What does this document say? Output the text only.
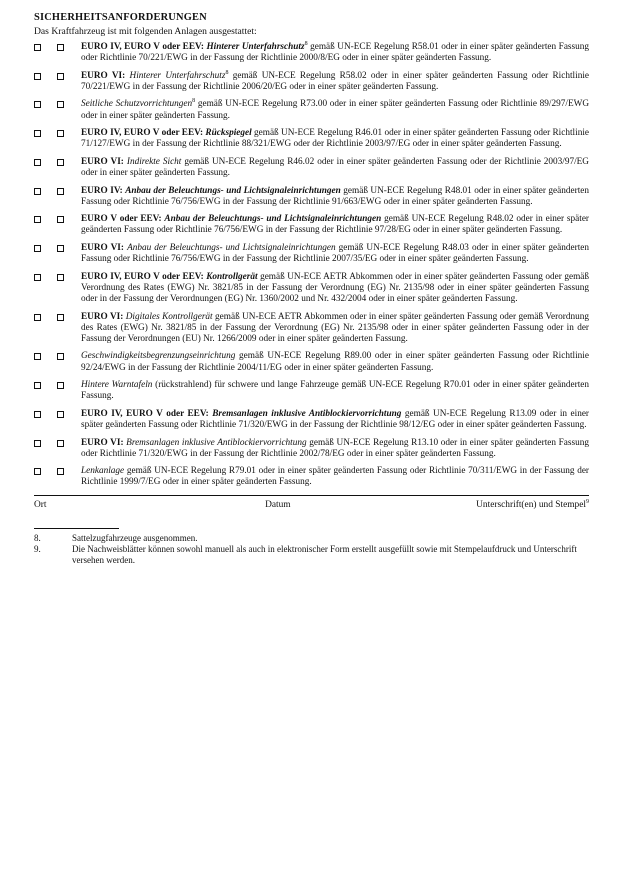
SICHERHEITSANFORDERUNGEN
Das Kraftfahrzeug ist mit folgenden Anlagen ausgestattet:
EURO IV, EURO V oder EEV: Hinterer Unterfahrschutz$^8$ gemäß UN-ECE Regelung R58.01 oder in einer später geänderten Fassung oder Richtlinie 70/221/EWG in der Fassung der Richtlinie 2000/8/EG oder in einer später geänderten Fassung.
EURO VI: Hinterer Unterfahrschutz$^8$ gemäß UN-ECE Regelung R58.02 oder in einer später geänderten Fassung oder Richtlinie 70/221/EWG in der Fassung der Richtlinie 2006/20/EG oder in einer später geänderten Fassung.
Seitliche Schutzvorrichtungen$^8$ gemäß UN-ECE Regelung R73.00 oder in einer später geänderten Fassung oder Richtlinie 89/297/EWG oder in einer später geänderten Fassung.
EURO IV, EURO V oder EEV: Rückspiegel gemäß UN-ECE Regelung R46.01 oder in einer später geänderten Fassung oder Richtlinie 71/127/EWG in der Fassung der Richtlinie 88/321/EWG oder der Richtlinie 2003/97/EG oder in einer später geänderten Fassung.
EURO VI: Indirekte Sicht gemäß UN-ECE Regelung R46.02 oder in einer später geänderten Fassung oder der Richtlinie 2003/97/EG oder in einer später geänderten Fassung.
EURO IV: Anbau der Beleuchtungs- und Lichtsignaleinrichtungen gemäß UN-ECE Regelung R48.01 oder in einer später geänderten Fassung oder Richtlinie 76/756/EWG in der Fassung der Richtlinie 91/663/EWG oder in einer später geänderten Fassung.
EURO V oder EEV: Anbau der Beleuchtungs- und Lichtsignaleinrichtungen gemäß UN-ECE Regelung R48.02 oder in einer später geänderten Fassung oder Richtlinie 76/756/EWG in der Fassung der Richtlinie 97/28/EG oder in einer später geänderten Fassung.
EURO VI: Anbau der Beleuchtungs- und Lichtsignaleinrichtungen gemäß UN-ECE Regelung R48.03 oder in einer später geänderten Fassung oder Richtlinie 76/756/EWG in der Fassung der Richtlinie 2007/35/EG oder in einer später geänderten Fassung.
EURO IV, EURO V oder EEV: Kontrollgerät gemäß UN-ECE AETR Abkommen oder in einer später geänderten Fassung oder gemäß Verordnung des Rates (EWG) Nr. 3821/85 in der Fassung der Verordnung (EG) Nr. 2135/98 oder in einer später geänderten Fassung oder in der Fassung der Verordnungen (EG) Nr. 1360/2002 und Nr. 432/2004 oder in einer später geänderten Fassung.
EURO VI: Digitales Kontrollgerät gemäß UN-ECE AETR Abkommen oder in einer später geänderten Fassung oder gemäß Verordnung des Rates (EWG) Nr. 3821/85 in der Fassung der Verordnung (EG) Nr. 2135/98 oder in einer später geänderten Fassung oder in der Fassung der Verordnungen (EU) Nr. 1266/2009 oder in einer später geänderten Fassung.
Geschwindigkeitsbegrenzungseinrichtung gemäß UN-ECE Regelung R89.00 oder in einer später geänderten Fassung oder Richtlinie 92/24/EWG in der Fassung der Richtlinie 2004/11/EG oder in einer später geänderten Fassung.
Hintere Warntafeln (rückstrahlend) für schwere und lange Fahrzeuge gemäß UN-ECE Regelung R70.01 oder in einer später geänderten Fassung.
EURO IV, EURO V oder EEV: Bremsanlagen inklusive Antiblockiervorrichtung gemäß UN-ECE Regelung R13.09 oder in einer später geänderten Fassung oder Richtlinie 71/320/EWG in der Fassung der Richtlinie 98/12/EG oder in einer später geänderten Fassung.
EURO VI: Bremsanlagen inklusive Antiblockiervorrichtung gemäß UN-ECE Regelung R13.10 oder in einer später geänderten Fassung oder Richtlinie 71/320/EWG in der Fassung der Richtlinie 2002/78/EG oder in einer später geänderten Fassung.
Lenkanlage gemäß UN-ECE Regelung R79.01 oder in einer später geänderten Fassung oder Richtlinie 70/311/EWG in der Fassung der Richtlinie 1999/7/EG oder in einer später geänderten Fassung.
Ort	Datum	Unterschrift(en) und Stempel$^9$
8.	Sattelzugfahrzeuge ausgenommen.
9.	Die Nachweisblätter können sowohl manuell als auch in elektronischer Form erstellt ausgefüllt sowie mit Stempelaufdruck und Unterschrift versehen werden.
